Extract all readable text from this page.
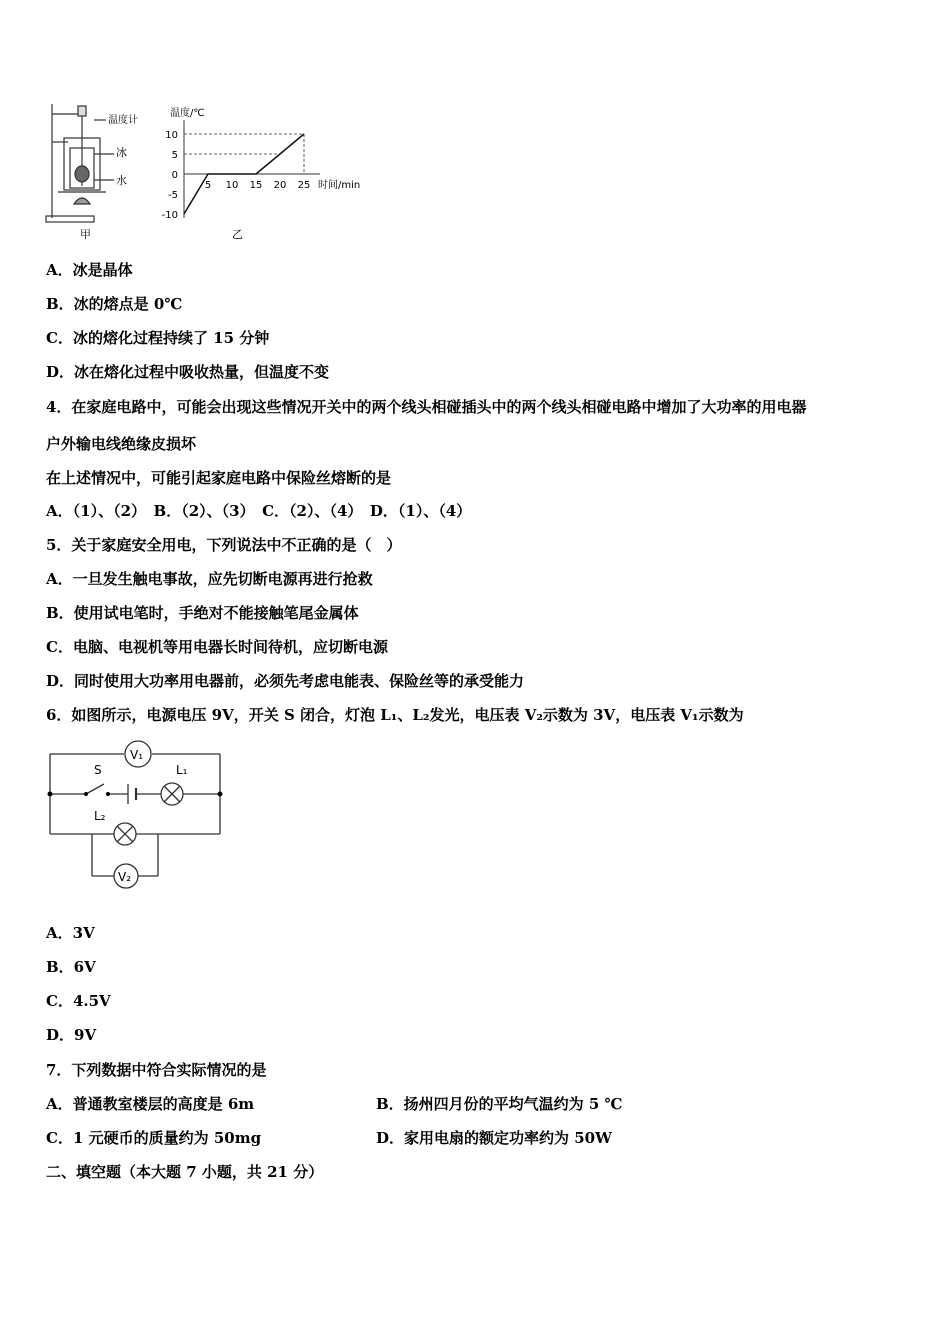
温度计
冰
水
甲
温度/℃
时间/min
10
5
0
-5
-10
5 10 15 20 25
乙
A．冰是晶体
B．冰的熔点是 0℃
C．冰的熔化过程持续了 15 分钟
D．冰在熔化过程中吸收热量，但温度不变
4．在家庭电路中，可能会出现这些情况开关中的两个线头相碰插头中的两个线头相碰电路中增加了大功率的用电器
户外输电线绝缘皮损坏
在上述情况中，可能引起家庭电路中保险丝熔断的是
A．（1）、（2）　B．（2）、（3）　C．（2）、（4）　D．（1）、（4）
5．关于家庭安全用电，下列说法中不正确的是（　）
A．一旦发生触电事故，应先切断电源再进行抢救
B．使用试电笔时，手绝对不能接触笔尾金属体
C．电脑、电视机等用电器长时间待机，应切断电源
D．同时使用大功率用电器前，必须先考虑电能表、保险丝等的承受能力
6．如图所示，电源电压 9V，开关 S 闭合，灯泡 L₁、L₂发光，电压表 V₂示数为 3V，电压表 V₁示数为
V₁
L₁
S
L₂
V₂
A．3V
B．6V
C．4.5V
D．9V
7．下列数据中符合实际情况的是
A．普通教室楼层的高度是 6m	B．扬州四月份的平均气温约为 5 ℃
C．1 元硬币的质量约为 50mg	D．家用电扇的额定功率约为 50W
二、填空题（本大题 7 小题，共 21 分）
